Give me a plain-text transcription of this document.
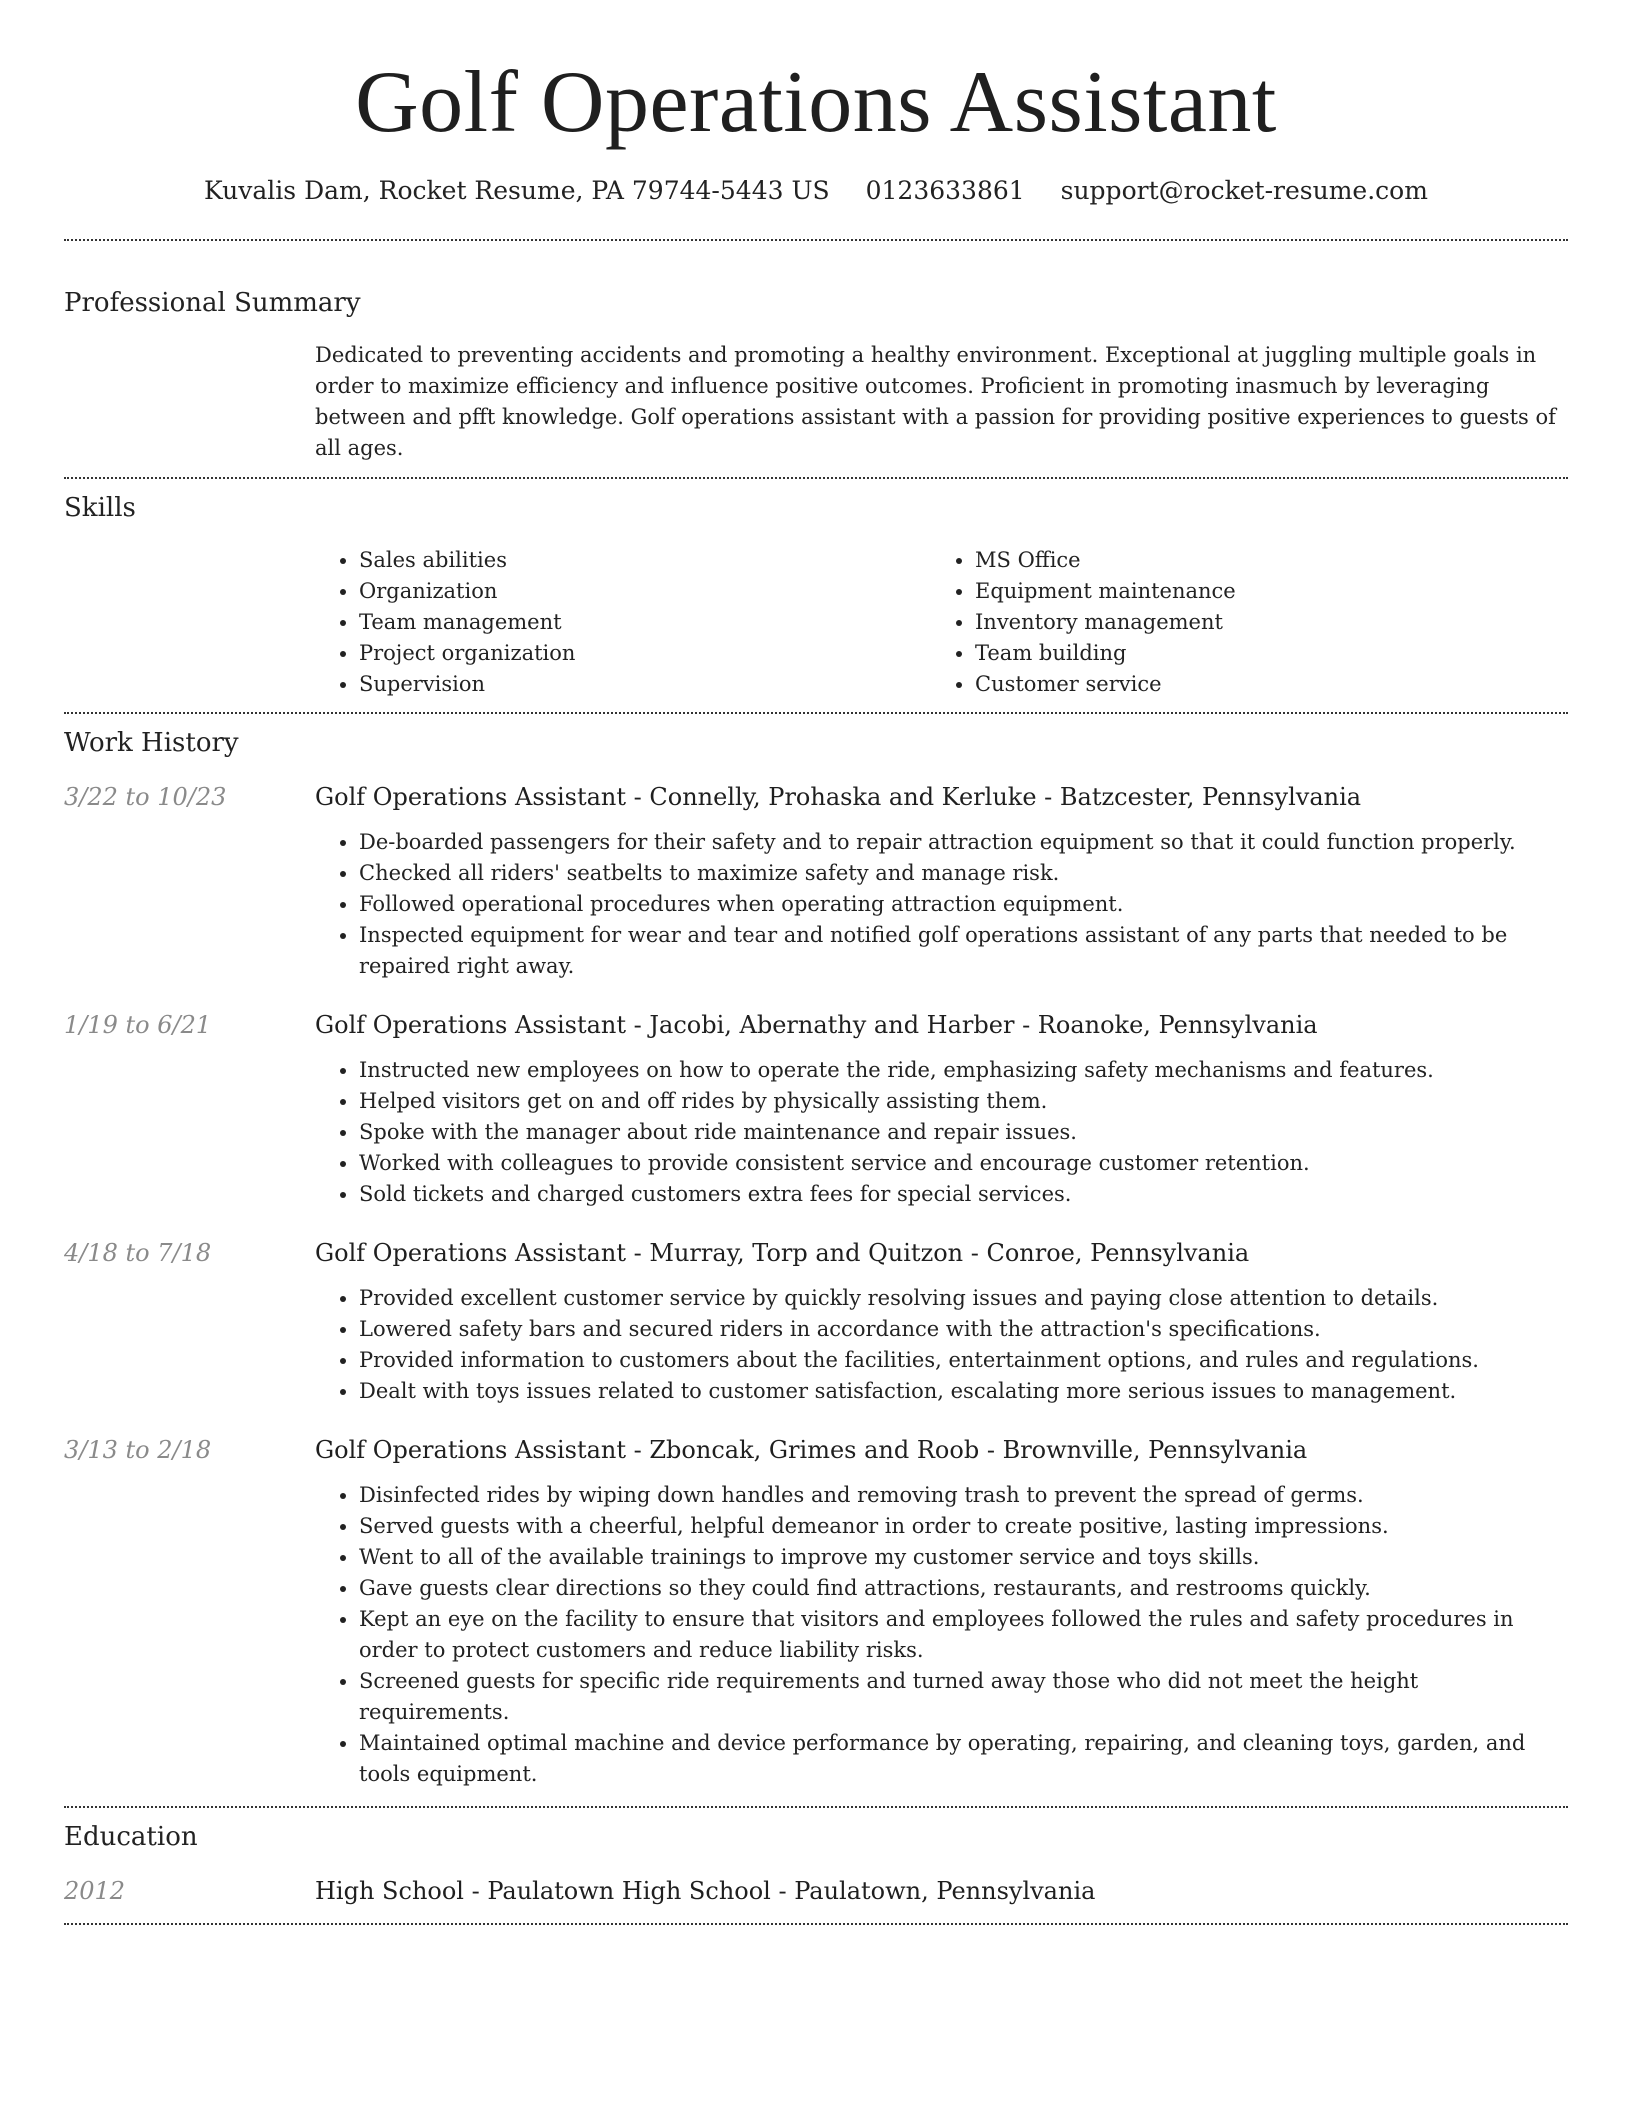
Golf Operations Assistant
Kuvalis Dam, Rocket Resume, PA 79744-5443 US 0123633861 support@rocket-resume.com
Professional Summary

Dedicated to preventing accidents and promoting a healthy environment. Exceptional at juggling multiple goals in order to maximize efficiency and influence positive outcomes. Proficient in promoting inasmuch by leveraging between and pfft knowledge. Golf operations assistant with a passion for providing positive experiences to guests of all ages.

Skills
• Sales abilities
• Organization
• Team management
• Project organization
• Supervision
• MS Office
• Equipment maintenance
• Inventory management
• Team building
• Customer service
Work History
3/22 to 10/23	Golf Operations Assistant - Connelly, Prohaska and Kerluke - Batzcester, Pennsylvania
• De-boarded passengers for their safety and to repair attraction equipment so that it could function properly.
• Checked all riders' seatbelts to maximize safety and manage risk.
• Followed operational procedures when operating attraction equipment.
• Inspected equipment for wear and tear and notified golf operations assistant of any parts that needed to be repaired right away.
1/19 to 6/21	Golf Operations Assistant - Jacobi, Abernathy and Harber - Roanoke, Pennsylvania
• Instructed new employees on how to operate the ride, emphasizing safety mechanisms and features.
• Helped visitors get on and off rides by physically assisting them.
• Spoke with the manager about ride maintenance and repair issues.
• Worked with colleagues to provide consistent service and encourage customer retention.
• Sold tickets and charged customers extra fees for special services.
4/18 to 7/18	Golf Operations Assistant - Murray, Torp and Quitzon - Conroe, Pennsylvania
• Provided excellent customer service by quickly resolving issues and paying close attention to details.
• Lowered safety bars and secured riders in accordance with the attraction's specifications.
• Provided information to customers about the facilities, entertainment options, and rules and regulations.
• Dealt with toys issues related to customer satisfaction, escalating more serious issues to management.
3/13 to 2/18	Golf Operations Assistant - Zboncak, Grimes and Roob - Brownville, Pennsylvania
• Disinfected rides by wiping down handles and removing trash to prevent the spread of germs.
• Served guests with a cheerful, helpful demeanor in order to create positive, lasting impressions.
• Went to all of the available trainings to improve my customer service and toys skills.
• Gave guests clear directions so they could find attractions, restaurants, and restrooms quickly.
• Kept an eye on the facility to ensure that visitors and employees followed the rules and safety procedures in order to protect customers and reduce liability risks.
• Screened guests for specific ride requirements and turned away those who did not meet the height requirements.
• Maintained optimal machine and device performance by operating, repairing, and cleaning toys, garden, and tools equipment.
Education
2012	High School - Paulatown High School - Paulatown, Pennsylvania
